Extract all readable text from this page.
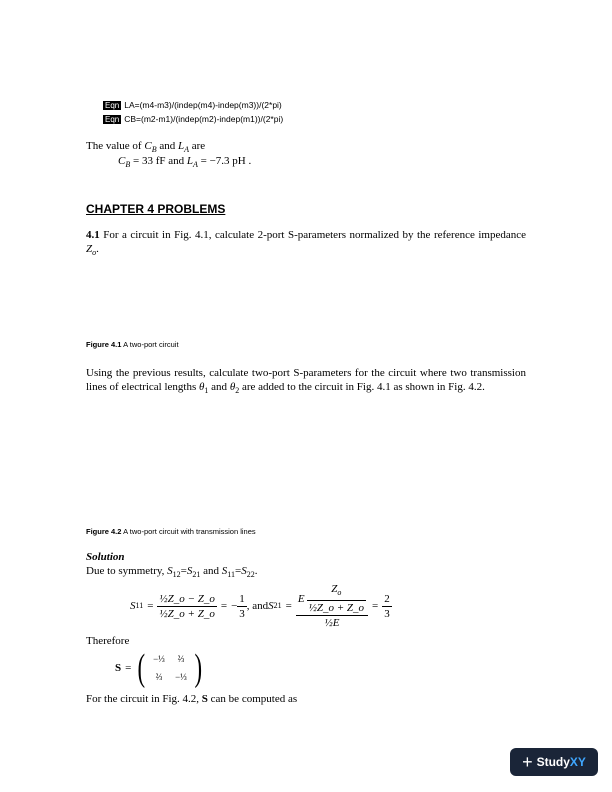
Eqn LA=(m4-m3)/(indep(m4)-indep(m3))/(2*pi)
Eqn CB=(m2-m1)/(indep(m2)-indep(m1))/(2*pi)
The value of $C_B$ and $L_A$ are
$C_B = 33$ fF and $L_A = -7.3$ pH .
CHAPTER 4 PROBLEMS
4.1 For a circuit in Fig. 4.1, calculate 2-port S-parameters normalized by the reference impedance $Z_o$.
Figure 4.1 A two-port circuit
Using the previous results, calculate two-port S-parameters for the circuit where two transmission lines of electrical lengths $\theta_1$ and $\theta_2$ are added to the circuit in Fig. 4.1 as shown in Fig. 4.2.
Figure 4.2 A two-port circuit with transmission lines
Solution
Due to symmetry, $S_{12}=S_{21}$ and $S_{11}=S_{22}$.
S $11 = \frac{\text{½Z\_o − Z\_o}}{\text{½Z\_o + Z\_o}}$ = − $\frac{1}{3}$ , and S $21 = \frac{E \frac{Z_o}{\text{½Z\_o + Z\_o}}}{\text{½E}} = \frac{2}{3}$
Therefore
S = ( −⅓	⅔
⅔	−⅓ )
For the circuit in Fig. 4.2, S can be computed as
+ Study XY
